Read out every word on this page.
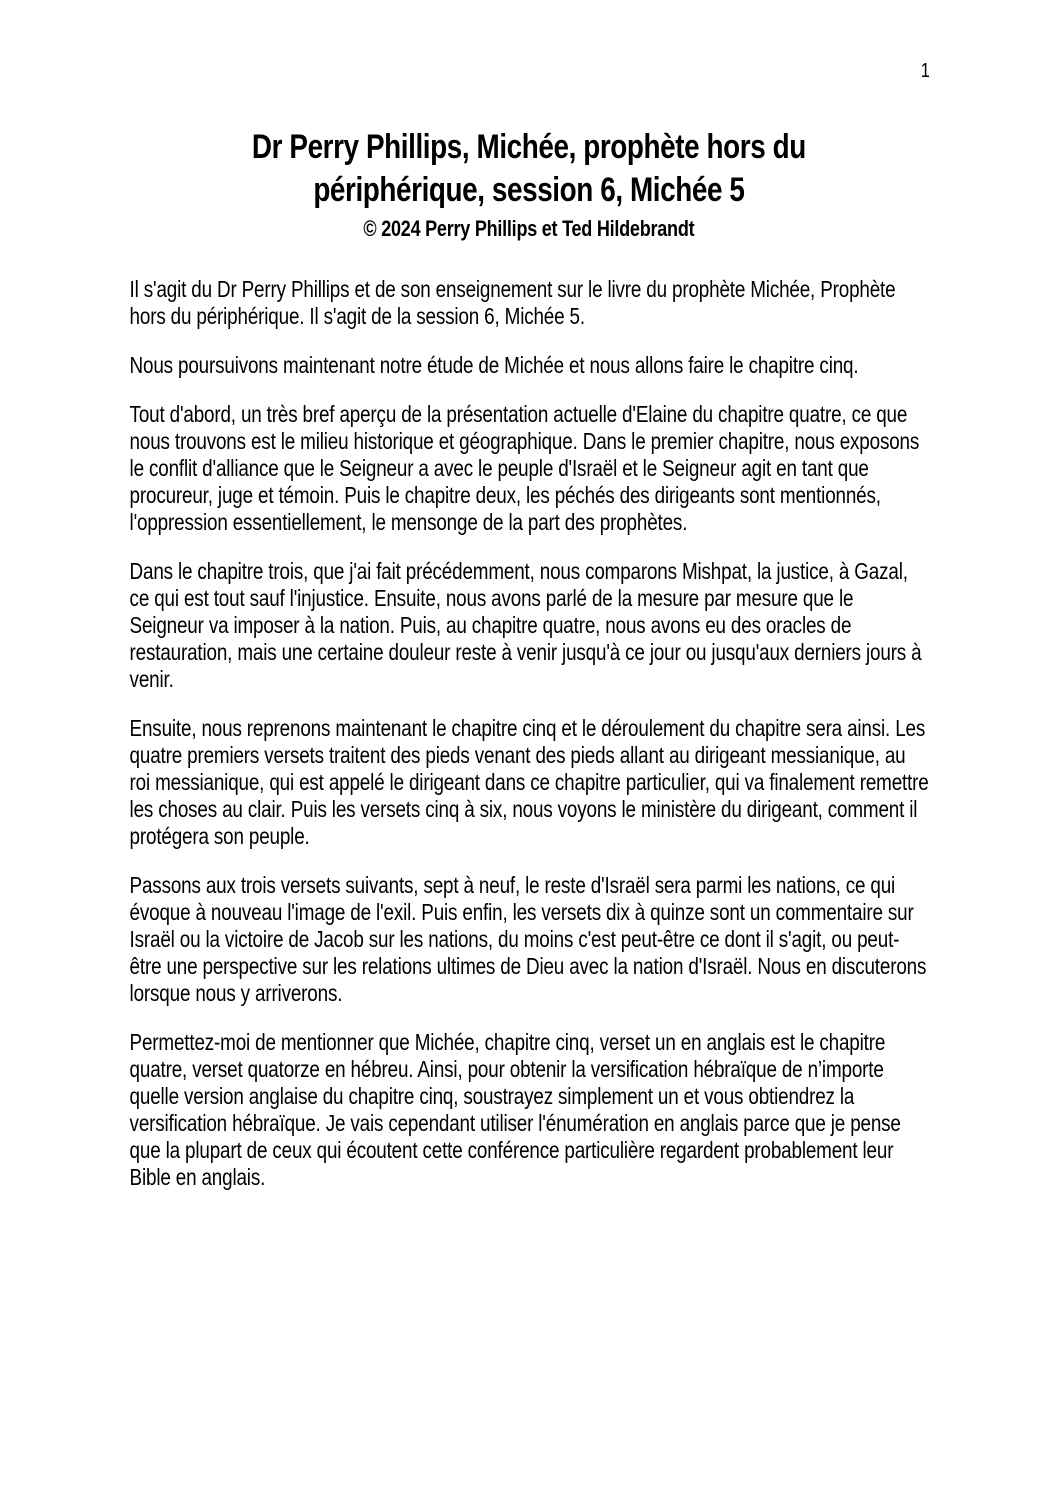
1
Dr Perry Phillips, Michée, prophète hors du
périphérique, session 6, Michée 5
© 2024 Perry Phillips et Ted Hildebrandt

Il s'agit du Dr Perry Phillips et de son enseignement sur le livre du prophète Michée, Prophète hors du périphérique. Il s'agit de la session 6, Michée 5.

Nous poursuivons maintenant notre étude de Michée et nous allons faire le chapitre cinq.

Tout d'abord, un très bref aperçu de la présentation actuelle d'Elaine du chapitre quatre, ce que nous trouvons est le milieu historique et géographique. Dans le premier chapitre, nous exposons le conflit d'alliance que le Seigneur a avec le peuple d'Israël et le Seigneur agit en tant que procureur, juge et témoin. Puis le chapitre deux, les péchés des dirigeants sont mentionnés, l'oppression essentiellement, le mensonge de la part des prophètes.

Dans le chapitre trois, que j'ai fait précédemment, nous comparons Mishpat, la justice, à Gazal, ce qui est tout sauf l'injustice. Ensuite, nous avons parlé de la mesure par mesure que le Seigneur va imposer à la nation. Puis, au chapitre quatre, nous avons eu des oracles de restauration, mais une certaine douleur reste à venir jusqu'à ce jour ou jusqu'aux derniers jours à venir.

Ensuite, nous reprenons maintenant le chapitre cinq et le déroulement du chapitre sera ainsi. Les quatre premiers versets traitent des pieds venant des pieds allant au dirigeant messianique, au roi messianique, qui est appelé le dirigeant dans ce chapitre particulier, qui va finalement remettre les choses au clair. Puis les versets cinq à six, nous voyons le ministère du dirigeant, comment il protégera son peuple.

Passons aux trois versets suivants, sept à neuf, le reste d'Israël sera parmi les nations, ce qui évoque à nouveau l'image de l'exil. Puis enfin, les versets dix à quinze sont un commentaire sur Israël ou la victoire de Jacob sur les nations, du moins c'est peut-être ce dont il s'agit, ou peut-être une perspective sur les relations ultimes de Dieu avec la nation d'Israël. Nous en discuterons lorsque nous y arriverons.

Permettez-moi de mentionner que Michée, chapitre cinq, verset un en anglais est le chapitre quatre, verset quatorze en hébreu. Ainsi, pour obtenir la versification hébraïque de n’importe quelle version anglaise du chapitre cinq, soustrayez simplement un et vous obtiendrez la versification hébraïque. Je vais cependant utiliser l'énumération en anglais parce que je pense que la plupart de ceux qui écoutent cette conférence particulière regardent probablement leur Bible en anglais.
